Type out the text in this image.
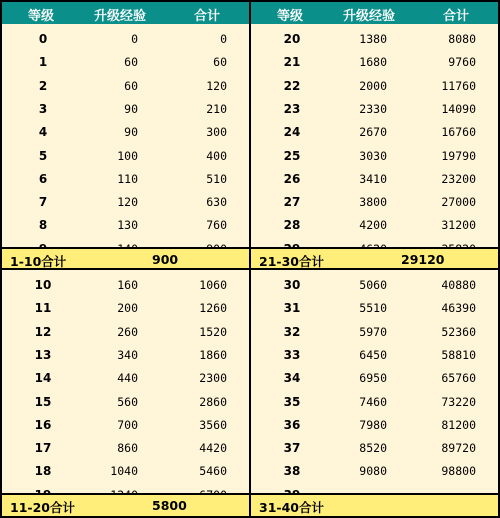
等级	升级经验	合计
0	0	0
1	60	60
2	60	120
3	90	210
4	90	300
5	100	400
6	110	510
7	120	630
8	130	760
1-10合计	900
等级	升级经验	合计
20	1380	8080
21	1680	9760
22	2000	11760
23	2330	14090
24	2670	16760
25	3030	19790
26	3410	23200
27	3800	27000
28	4200	31200
21-30合计	29120
10	160	1060
11	200	1260
12	260	1520
13	340	1860
14	440	2300
15	560	2860
16	700	3560
17	860	4420
18	1040	5460
11-20合计	5800
30	5060	40880
31	5510	46390
32	5970	52360
33	6450	58810
34	6950	65760
35	7460	73220
36	7980	81200
37	8520	89720
38	9080	98800
31-40合计
